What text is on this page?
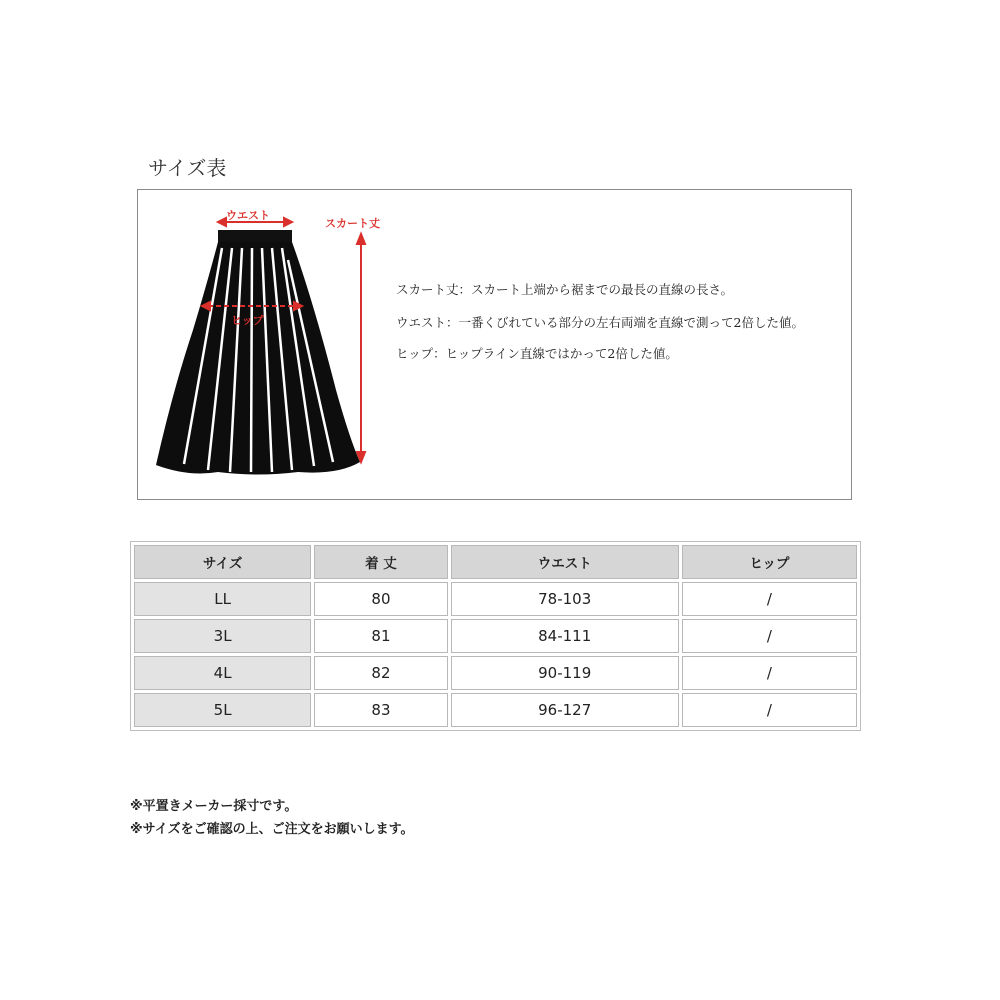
サイズ表
ウエスト
スカート丈
ヒップ
スカート丈：スカート上端から裾までの最長の直線の長さ。
ウエスト：一番くびれている部分の左右両端を直線で測って2倍した値。
ヒップ：ヒップライン直線ではかって2倍した値。
サイズ	着 丈	ウエスト	ヒップ
LL	80	78-103	/
3L	81	84-111	/
4L	82	90-119	/
5L	83	96-127	/
※平置きメーカー採寸です。
※サイズをご確認の上、ご注文をお願いします。
